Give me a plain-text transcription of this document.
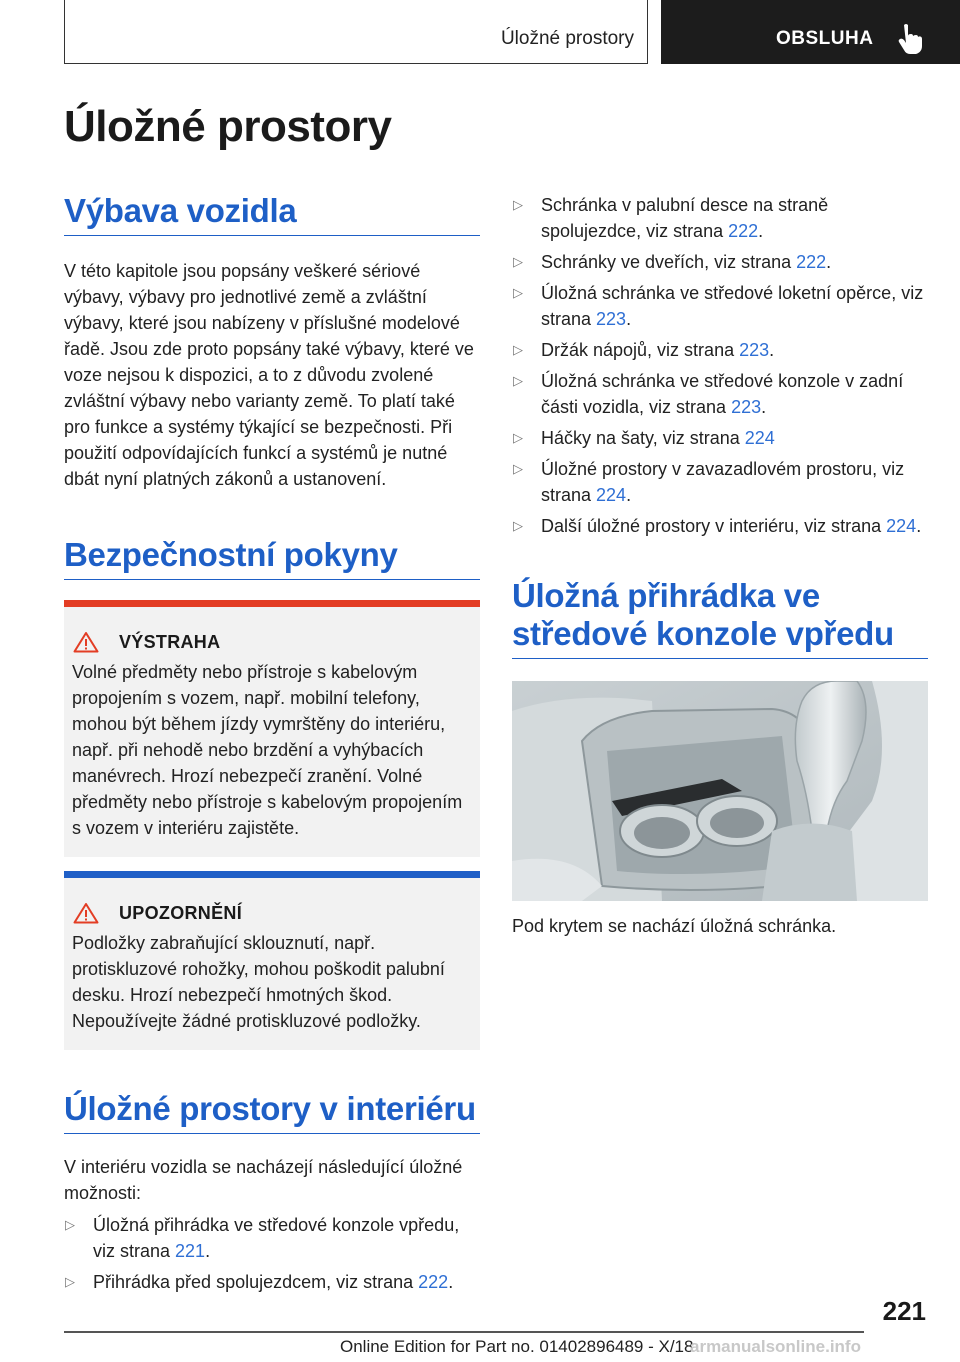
Úložné prostory	OBSLUHA
Úložné prostory
Výbava vozidla

V této kapitole jsou popsány veškeré sériové výbavy, výbavy pro jednotlivé země a zvláštní výbavy, které jsou nabízeny v příslušné modelové řadě. Jsou zde proto popsány také výbavy, které ve voze nejsou k dispozici, a to z důvodu zvolené zvláštní výbavy nebo varianty země. To platí také pro funkce a systémy týkající se bezpečnosti. Při použití odpovídajících funkcí a systémů je nutné dbát nyní platných zákonů a ustanovení.

Bezpečnostní pokyny
VÝSTRAHA

Volné předměty nebo přístroje s kabelovým propojením s vozem, např. mobilní telefony, mohou být během jízdy vymrštěny do interiéru, např. při nehodě nebo brzdění a vyhýbacích manévrech. Hrozí nebezpečí zranění. Volné předměty nebo přístroje s kabelovým propojením s vozem v interiéru zajistěte.

UPOZORNĚNÍ

Podložky zabraňující sklouznutí, např. protiskluzové rohožky, mohou poškodit palubní desku. Hrozí nebezpečí hmotných škod. Nepoužívejte žádné protiskluzové podložky.

Úložné prostory v interiéru

V interiéru vozidla se nacházejí následující úložné možnosti:

▷	Úložná přihrádka ve středové konzole vpředu, viz strana 221.
▷	Přihrádka před spolujezdcem, viz strana 222.
▷	Schránka v palubní desce na straně spolujezdce, viz strana 222.
▷	Schránky ve dveřích, viz strana 222.
▷	Úložná schránka ve středové loketní opěrce, viz strana 223.
▷	Držák nápojů, viz strana 223.
▷	Úložná schránka ve středové konzole v zadní části vozidla, viz strana 223.
▷	Háčky na šaty, viz strana 224
▷	Úložné prostory v zavazadlovém prostoru, viz strana 224.
▷	Další úložné prostory v interiéru, viz strana 224.
Úložná přihrádka ve středové konzole vpředu

Pod krytem se nachází úložná schránka.

221
Online Edition for Part no. 01402896489 - X/18
armanualsonline.info
